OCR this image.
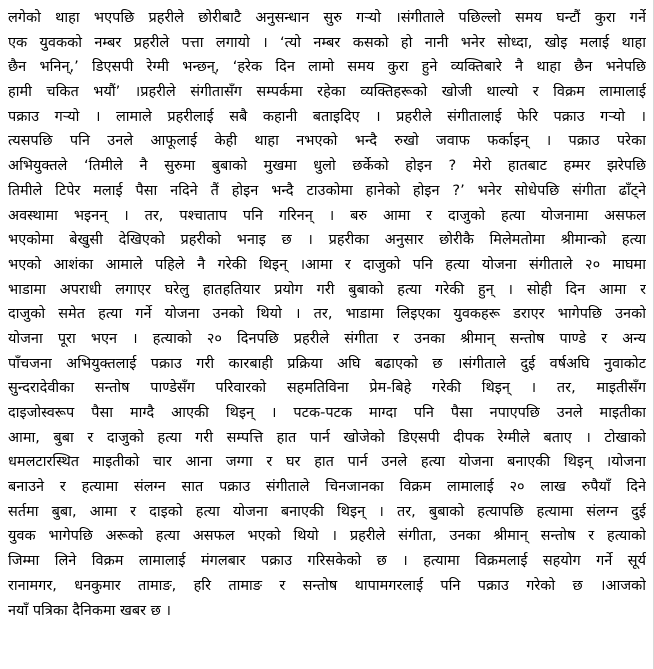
लगेको थाहा भएपछि प्रहरीले छोरीबाटै अनुसन्धान सुरु गर्‍यो ।संगीताले पछिल्लो समय घन्टौं कुरा गर्ने
एक युवकको नम्बर प्रहरीले पत्ता लगायो । ‘त्यो नम्बर कसको हो नानी भनेर सोध्दा, खोइ मलाई थाहा
छैन भनिन्,’ डिएसपी रेग्मी भन्छन्, ‘हरेक दिन लामो समय कुरा हुने व्यक्तिबारे नै थाहा छैन भनेपछि
हामी चकित भयौं’ ।प्रहरीले संगीतासँग सम्पर्कमा रहेका व्यक्तिहरूको खोजी थाल्यो र विक्रम लामालाई
पक्राउ गर्‍यो । लामाले प्रहरीलाई सबै कहानी बताइदिए । प्रहरीले संगीतालाई फेरि पक्राउ गर्‍यो ।
त्यसपछि पनि उनले आफूलाई केही थाहा नभएको भन्दै रुखो जवाफ फर्काइन् । पक्राउ परेका
अभियुक्तले ‘तिमीले नै सुरुमा बुबाको मुखमा धुलो छर्केको होइन ? मेरो हातबाट हम्मर झरेपछि
तिमीले टिपेर मलाई पैसा नदिने तैं होइन भन्दै टाउकोमा हानेको होइन ?’ भनेर सोधेपछि संगीता ढाँट्ने
अवस्थामा भइनन् । तर, पश्चाताप पनि गरिनन् । बरु आमा र दाजुको हत्या योजनामा असफल
भएकोमा बेखुसी देखिएको प्रहरीको भनाइ छ । प्रहरीका अनुसार छोरीकै मिलेमतोमा श्रीमान्को हत्या
भएको आशंका आमाले पहिले नै गरेकी थिइन् ।आमा र दाजुको पनि हत्या योजना संगीताले २० माघमा
भाडामा अपराधी लगाएर घरेलु हातहतियार प्रयोग गरी बुबाको हत्या गरेकी हुन् । सोही दिन आमा र
दाजुको समेत हत्या गर्ने योजना उनको थियो । तर, भाडामा लिइएका युवकहरू डराएर भागेपछि उनको
योजना पूरा भएन । हत्याको २० दिनपछि प्रहरीले संगीता र उनका श्रीमान् सन्तोष पाण्डे र अन्य
पाँचजना अभियुक्तलाई पक्राउ गरी कारबाही प्रक्रिया अघि बढाएको छ ।संगीताले दुई वर्षअघि नुवाकोट
सुन्दरादेवीका सन्तोष पाण्डेसँग परिवारको सहमतिविना प्रेम-बिहे गरेकी थिइन् । तर, माइतीसँग
दाइजोस्वरूप पैसा माग्दै आएकी थिइन् । पटक-पटक माग्दा पनि पैसा नपाएपछि उनले माइतीका
आमा, बुबा र दाजुको हत्या गरी सम्पत्ति हात पार्न खोजेको डिएसपी दीपक रेग्मीले बताए । टोखाको
धमलटारस्थित माइतीको चार आना जग्गा र घर हात पार्न उनले हत्या योजना बनाएकी थिइन् ।योजना
बनाउने र हत्यामा संलग्न सात पक्राउ संगीताले चिनजानका विक्रम लामालाई २० लाख रुपैयाँ दिने
सर्तमा बुबा, आमा र दाइको हत्या योजना बनाएकी थिइन् । तर, बुबाको हत्यापछि हत्यामा संलग्न दुई
युवक भागेपछि अरूको हत्या असफल भएको थियो । प्रहरीले संगीता, उनका श्रीमान् सन्तोष र हत्याको
जिम्मा लिने विक्रम लामालाई मंगलबार पक्राउ गरिसकेको छ । हत्यामा विक्रमलाई सहयोग गर्ने सूर्य
रानामगर, धनकुमार तामाङ, हरि तामाङ र सन्तोष थापामगरलाई पनि पक्राउ गरेको छ ।आजको
नयाँ पत्रिका दैनिकमा खबर छ ।
